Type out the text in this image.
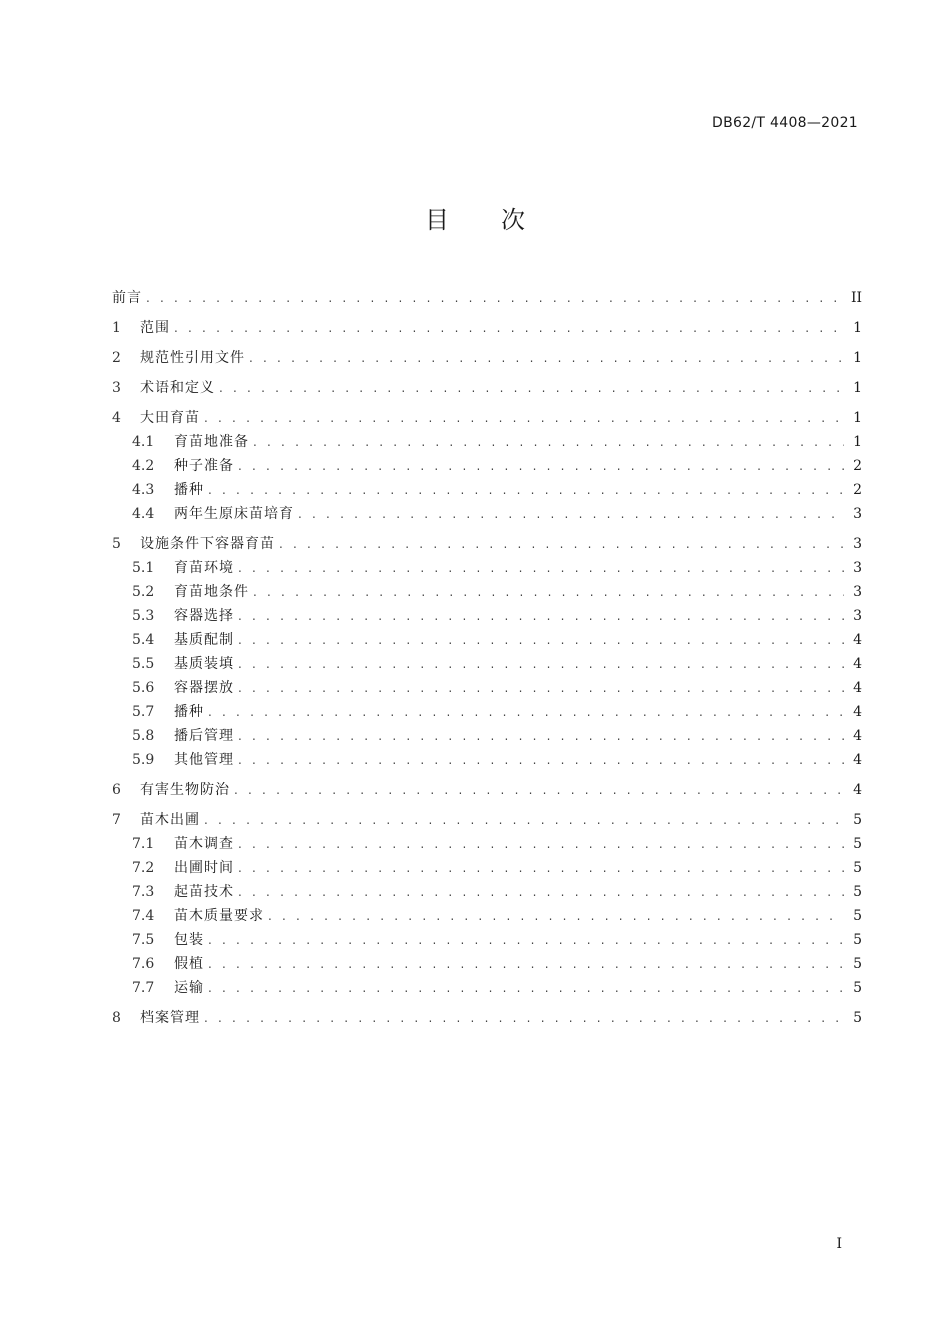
DB62/T 4408—2021
目次
前言 . . .	II
1	范围 . . .	1
2	规范性引用文件 . . .	1
3	术语和定义 . . .	1
4	大田育苗 . . .	1
4.1	育苗地准备 . . .	1
4.2	种子准备 . . .	2
4.3	播种 . . .	2
4.4	两年生原床苗培育 . . .	3
5	设施条件下容器育苗 . . .	3
5.1	育苗环境 . . .	3
5.2	育苗地条件 . . .	3
5.3	容器选择 . . .	3
5.4	基质配制 . . .	4
5.5	基质装填 . . .	4
5.6	容器摆放 . . .	4
5.7	播种 . . .	4
5.8	播后管理 . . .	4
5.9	其他管理 . . .	4
6	有害生物防治 . . .	4
7	苗木出圃 . . .	5
7.1	苗木调查 . . .	5
7.2	出圃时间 . . .	5
7.3	起苗技术 . . .	5
7.4	苗木质量要求 . . .	5
7.5	包装 . . .	5
7.6	假植 . . .	5
7.7	运输 . . .	5
8	档案管理 . . .	5
I
